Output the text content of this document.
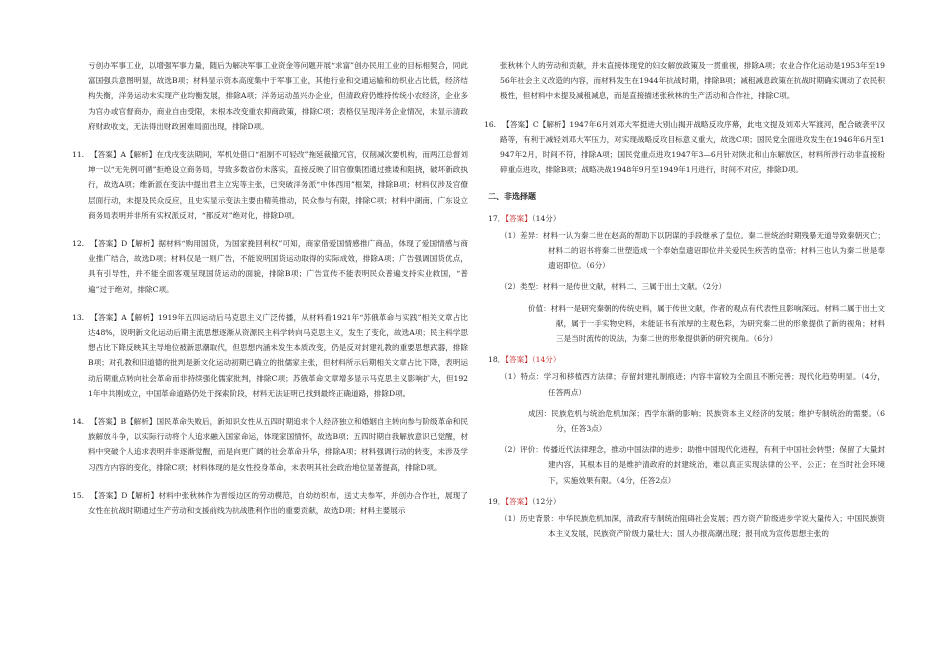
亏创办军事工业，以增强军事力量，随后为解决军事工业资金等问题开展“求富”创办民用工业的目标相契合，同此富国强兵意图明显，故选B项；材料显示资本高度集中于军事工业，其他行业和交通运输和纺织业占比低，经济结构失衡，洋务运动未实现产业均衡发展，排除A项；洋务运动虽兴办企业，但清政府仍维持传统小农经济，企业多为官办或官督商办，商业自由受限，未根本改变重农抑商政策，排除C项；表格仅呈现洋务企业情况，未显示清政府财政收支，无法得出财政困难局面出现，排除D项。

11. 【答案】A【解析】在戊戌变法期间，军机处借口“祖制不可轻改”拖延裁撤冗官，仅削减次要机构，而两江总督刘坤一以“无先例可循”拒绝设立商务局，导致多数省份未落实，直接反映了旧官僚集团通过推诿和阻挠，破坏新政执行，故选A项；维新派在变法中提出君主立宪等主张，已突破洋务派“中体西用”框架，排除B项；材料仅涉及官僚层面行动，未提及民众反应，且史实显示变法主要由精英推动，民众参与有限，排除C项；材料中湖南、广东设立商务局表明并非所有实权派反对，“都反对”绝对化，排除D项。

12. 【答案】D【解析】据材料“购用国货，为国家挽回利权”可知，商家借爱国情感推广商品，体现了爱国情感与商业推广结合，故选D项；材料仅是一则广告，不能说明国货运动取得的实际成效，排除A项；广告强调国货优点，具有引导性，并不能全面客观呈现国货运动的面貌，排除B项；广告宣传不能表明民众普遍支持实业救国，“普遍”过于绝对，排除C项。

13. 【答案】A【解析】1919年五四运动后马克思主义广泛传播，从材料看1921年“苏俄革命与实践”相关文章占比达48%，说明新文化运动后期主流思想逐渐从资源民主科学转向马克思主义，发生了变化，故选A项；民主科学思想占比下降反映其主导地位被新思潮取代，但思想内涵未发生本质改变，仍是反对封建礼教的重要思想武器，排除B项；对孔教和旧道德的批判是新文化运动初期已确立的批儒家主张，但材料所示后期相关文章占比下降，表明运动后期重点转向社会革命而非持续强化儒家批判，排除C项；苏俄革命文章增多显示马克思主义影响扩大，但1921年中共刚成立，中国革命道路仍处于探索阶段，材料无法证明已找到最终正确道路，排除D项。

14. 【答案】B【解析】国民革命失败后，新知识女性从五四时期追求个人经济独立和婚姻自主转向参与阶级革命和民族解放斗争，以实际行动将个人追求融入国家命运，体现家国情怀，故选B项；五四时期自我解放意识已觉醒，材料中突破个人追求表明并非逐渐觉醒，而是向更广阔的社会革命升华，排除A项；材料强调行动的转变，未涉及学习西方内容的变化，排除C项；材料体现的是女性投身革命，未表明其社会政治地位显著提高，排除D项。

15. 【答案】D【解析】材料中张秋林作为晋绥边区的劳动模范，自幼纺织布，送丈夫参军，并创办合作社，展现了女性在抗战时期通过生产劳动和支援前线为抗战胜利作出的重要贡献，故选D项；材料主要展示

张秋林个人的劳动和贡献，并未直接体现党的妇女解放政策及一贯重视，排除A项；农业合作化运动是1953年至1956年社会主义改造的内容，而材料发生在1944年抗战时期，排除B项；减租减息政策在抗战时期确实调动了农民积极性，但材料中未提及减租减息，而是直接描述张秋林的生产活动和合作社，排除C项。

16. 【答案】C【解析】1947年6月刘邓大军挺进大别山揭开战略反攻序幕，此电文提及刘邓大军渡河，配合破袭平汉路等，有利于减轻刘邓大军压力，对实现战略反攻目标意义重大，故选C项；国民党全面进攻发生在1946年6月至1947年2月，时间不符，排除A项；国民党重点进攻1947年3—6月针对陕北和山东解放区，材料所涉行动非直接粉碎重点进攻，排除B项；战略决战1948年9月至1949年1月进行，时间不对应，排除D项。

二、非选择题
17．【答案】（14分）

（1）差异：材料一认为秦二世在赵高的帮助下以阴谋的手段继承了皇位。秦二世统治时期残暴无道导致秦朝灭亡；材料二的诏书将秦二世塑造成一个奉始皇遗诏即位并关爱民生疾苦的皇帝；材料三也认为秦二世是奉遗诏即位。（6分）

（2）类型：材料一是传世文献，材料二、三属于出土文献。（2分）

价值：材料一是研究秦朝的传统史料，属于传世文献，作者的观点有代表性且影响深远。材料二属于出土文献，属于一手实物史料，未能证书有浓厚的主观色彩，为研究秦二世的形象提供了新的视角；材料三是当时流传的说法，为秦二世的形象提供新的研究视角。（6分）

18．【答案】（14分）

（1）特点：学习和移植西方法律；存留封建礼制痕迹；内容丰富较为全面且不断完善；现代化趋势明显。（4分，任答两点）

成因：民族危机与统治危机加深；西学东渐的影响；民族资本主义经济的发展；维护专制统治的需要。（6分，任答3点）

（2）评价：传播近代法律理念，推动中国法律的进步；助推中国现代化进程，有利于中国社会转型；保留了大量封建内容，其根本目的是维护清政府的封建统治，难以真正实现法律的公平、公正；在当时社会环境下，实施效果有限。（4分，任答2点）

19．【答案】（12分）

（1）历史背景：中华民族危机加深，清政府专制统治阻碍社会发展；西方资产阶级进步学说大量传入；中国民族资本主义发展，民族资产阶级力量壮大；国人办报高潮出现；报刊成为宣传思想主张的
